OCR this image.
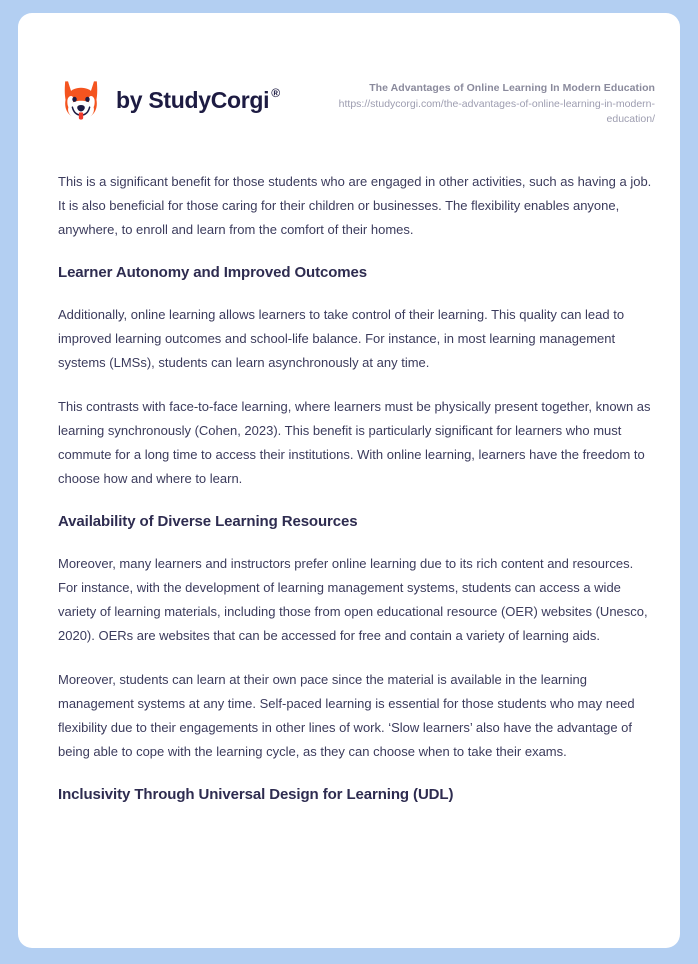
by StudyCorgi®	The Advantages of Online Learning In Modern Education
https://studycorgi.com/the-advantages-of-online-learning-in-modern-education/

This is a significant benefit for those students who are engaged in other activities, such as having a job. It is also beneficial for those caring for their children or businesses. The flexibility enables anyone, anywhere, to enroll and learn from the comfort of their homes.

Learner Autonomy and Improved Outcomes

Additionally, online learning allows learners to take control of their learning. This quality can lead to improved learning outcomes and school-life balance. For instance, in most learning management systems (LMSs), students can learn asynchronously at any time.

This contrasts with face-to-face learning, where learners must be physically present together, known as learning synchronously (Cohen, 2023). This benefit is particularly significant for learners who must commute for a long time to access their institutions. With online learning, learners have the freedom to choose how and where to learn.

Availability of Diverse Learning Resources

Moreover, many learners and instructors prefer online learning due to its rich content and resources. For instance, with the development of learning management systems, students can access a wide variety of learning materials, including those from open educational resource (OER) websites (Unesco, 2020). OERs are websites that can be accessed for free and contain a variety of learning aids.

Moreover, students can learn at their own pace since the material is available in the learning management systems at any time. Self-paced learning is essential for those students who may need flexibility due to their engagements in other lines of work. ‘Slow learners’ also have the advantage of being able to cope with the learning cycle, as they can choose when to take their exams.

Inclusivity Through Universal Design for Learning (UDL)
